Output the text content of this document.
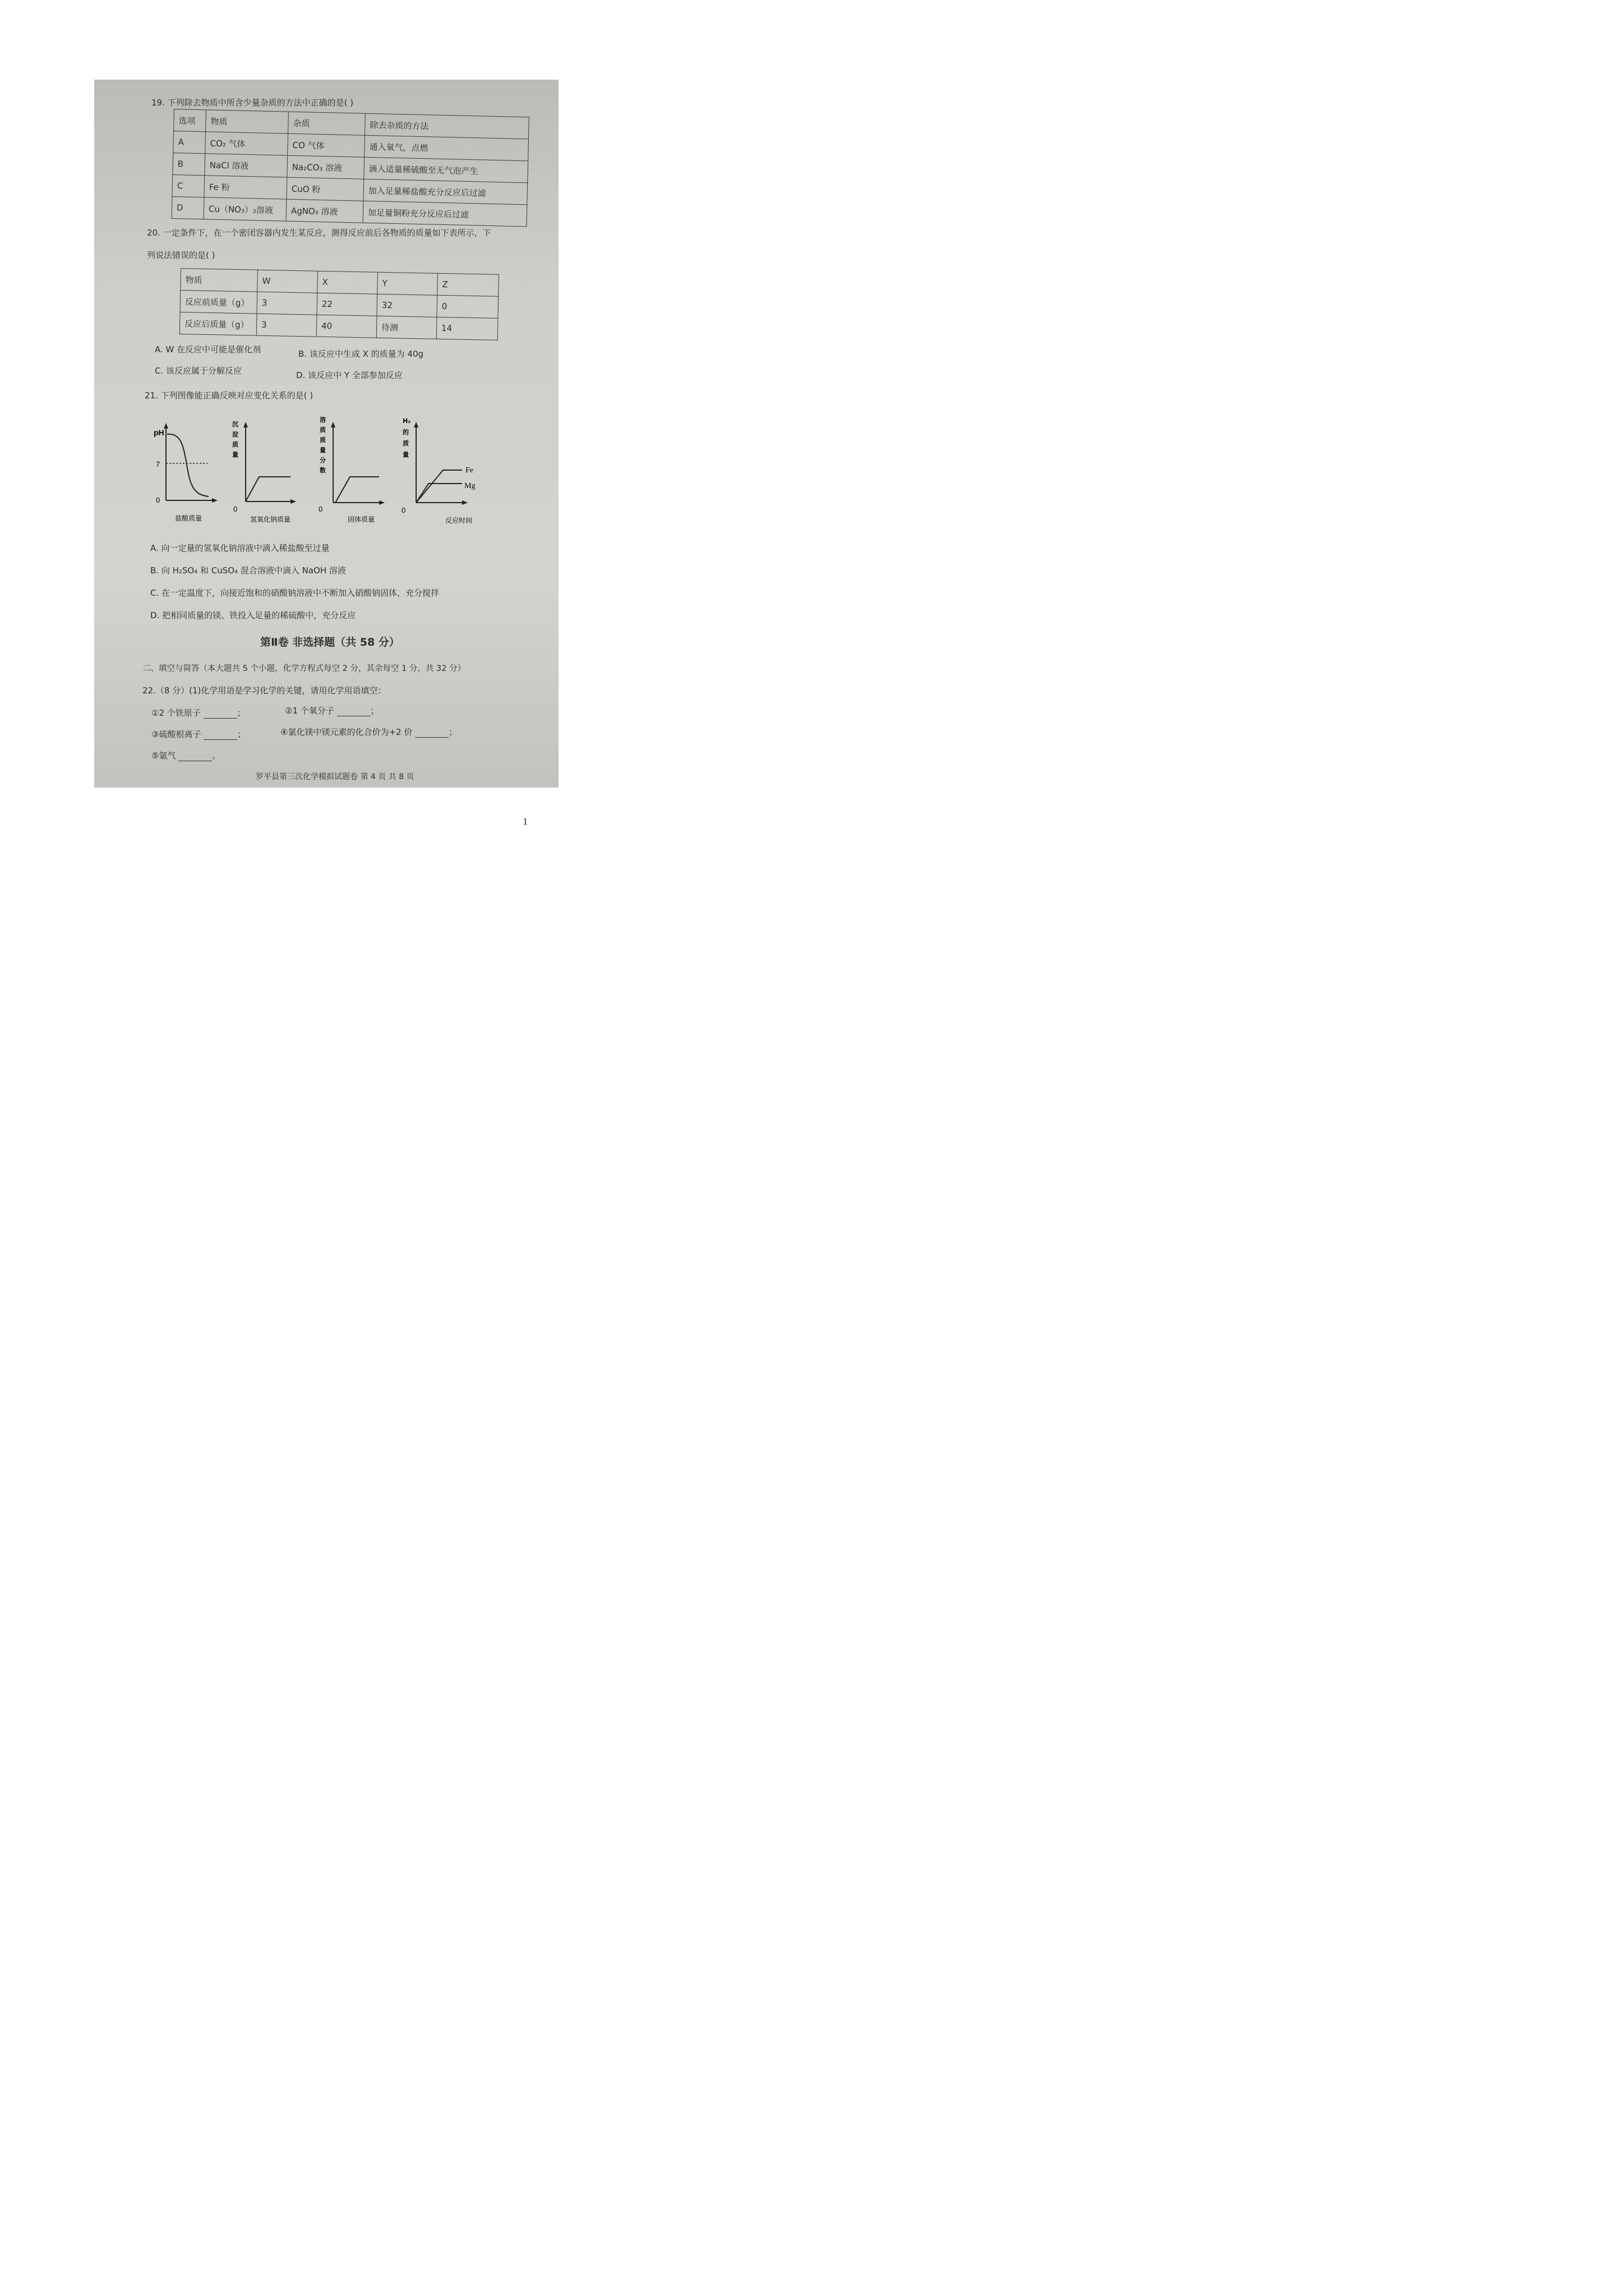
19. 下列除去物质中所含少量杂质的方法中正确的是( )
选项	物质	杂质	除去杂质的方法
A	CO₂ 气体	CO 气体	通入氧气，点燃
B	NaCl 溶液	Na₂CO₃ 溶液	滴入适量稀硫酸至无气泡产生
C	Fe 粉	CuO 粉	加入足量稀盐酸充分反应后过滤
D	Cu（NO₃）₂溶液	AgNO₃ 溶液	加足量铜粉充分反应后过滤
20. 一定条件下，在一个密闭容器内发生某反应，测得反应前后各物质的质量如下表所示，下
列说法错误的是( )
物质	W	X	Y	Z
反应前质量（g）	3	22	32	0
反应后质量（g）	3	40	待测	14
A. W 在反应中可能是催化剂	B. 该反应中生成 X 的质量为 40g
C. 该反应属于分解反应	D. 该反应中 Y 全部参加反应
21. 下列图像能正确反映对应变化关系的是( )
pH
7
0
盐酸质量
沉 淀 质 量
0
氢氧化钠质量
溶 质 质 量 分 数
0
固体质量
H₂ 的 质 量
Fe
Mg
0
反应时间
A. 向一定量的氢氧化钠溶液中滴入稀盐酸至过量
B. 向 H₂SO₄ 和 CuSO₄ 混合溶液中滴入 NaOH 溶液
C. 在一定温度下，向接近饱和的硝酸钠溶液中不断加入硝酸钠固体，充分搅拌
D. 把相同质量的镁、铁投入足量的稀硫酸中，充分反应
第Ⅱ卷 非选择题（共 58 分）
二、填空与简答（本大题共 5 个小题，化学方程式每空 2 分，其余每空 1 分，共 32 分）
22.（8 分）(1)化学用语是学习化学的关键，请用化学用语填空：
①2 个铁原子	；	②1 个氧分子	；
③硫酸根离子	；	④氯化镁中镁元素的化合价为+2 价	；
⑤氩气	。
罗平县第三次化学模拟试题卷 第 4 页 共 8 页
1
